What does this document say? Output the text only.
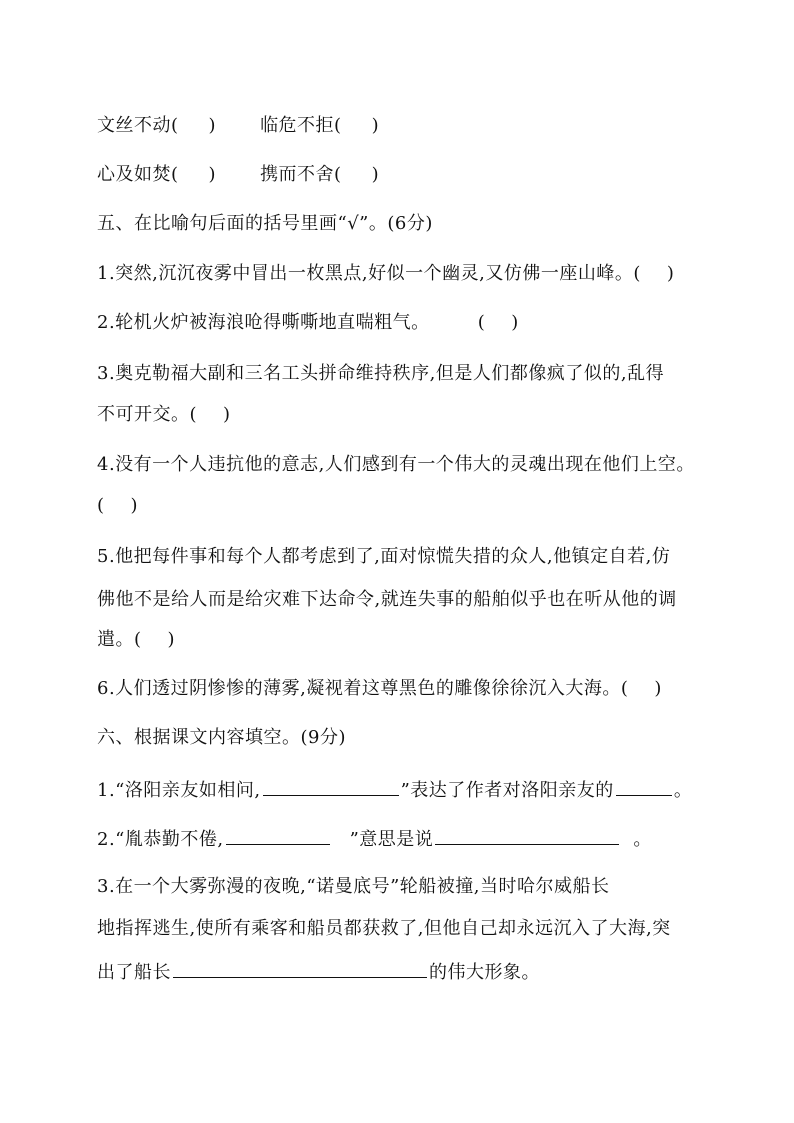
文丝不动( ) 临危不拒( )
心及如焚( ) 携而不舍( )
五、在比喻句后面的括号里画“√”。(6分)
1.突然,沉沉夜雾中冒出一枚黑点,好似一个幽灵,又仿佛一座山峰。( )
2.轮机火炉被海浪呛得嘶嘶地直喘粗气。	( )
3.奥克勒福大副和三名工头拼命维持秩序,但是人们都像疯了似的,乱得
不可开交。( )
4.没有一个人违抗他的意志,人们感到有一个伟大的灵魂出现在他们上空。
( )
5.他把每件事和每个人都考虑到了,面对惊慌失措的众人,他镇定自若,仿
佛他不是给人而是给灾难下达命令,就连失事的船舶似乎也在听从他的调
遣。( )
6.人们透过阴惨惨的薄雾,凝视着这尊黑色的雕像徐徐沉入大海。( )
六、根据课文内容填空。(9分)
1.“洛阳亲友如相问,	”表达了作者对洛阳亲友的	。
2.“胤恭勤不倦,	”意思是说	。
3.在一个大雾弥漫的夜晚,“诺曼底号”轮船被撞,当时哈尔威船长
地指挥逃生,使所有乘客和船员都获救了,但他自己却永远沉入了大海,突
出了船长	的伟大形象。
